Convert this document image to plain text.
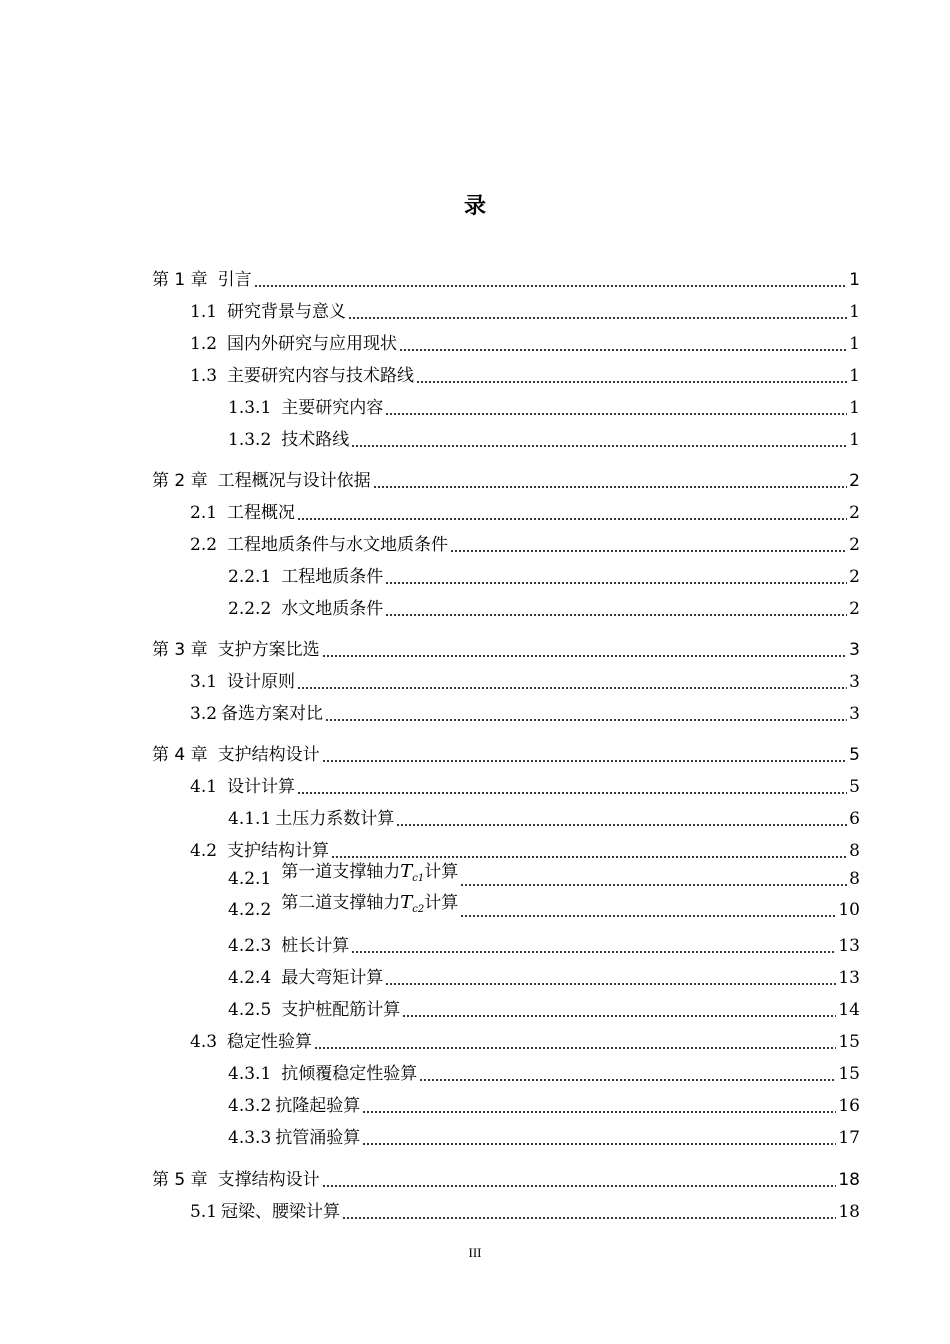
录
第 1 章 引言	1
1.1 研究背景与意义	1
1.2 国内外研究与应用现状	1
1.3 主要研究内容与技术路线	1
1.3.1 主要研究内容	1
1.3.2 技术路线	1
第 2 章 工程概况与设计依据	2
2.1 工程概况	2
2.2 工程地质条件与水文地质条件	2
2.2.1 工程地质条件	2
2.2.2 水文地质条件	2
第 3 章 支护方案比选	3
3.1 设计原则	3
3.2 备选方案对比	3
第 4 章 支护结构设计	5
4.1 设计计算	5
4.1.1 土压力系数计算	6
4.2 支护结构计算	8
4.2.1 第一道支撑轴力$T_{c1}$计算	8
4.2.2 第二道支撑轴力$T_{c2}$计算	10
4.2.3 桩长计算	13
4.2.4 最大弯矩计算	13
4.2.5 支护桩配筋计算	14
4.3 稳定性验算	15
4.3.1 抗倾覆稳定性验算	15
4.3.2 抗隆起验算	16
4.3.3 抗管涌验算	17
第 5 章 支撑结构设计	18
5.1 冠梁、腰梁计算	18
III
